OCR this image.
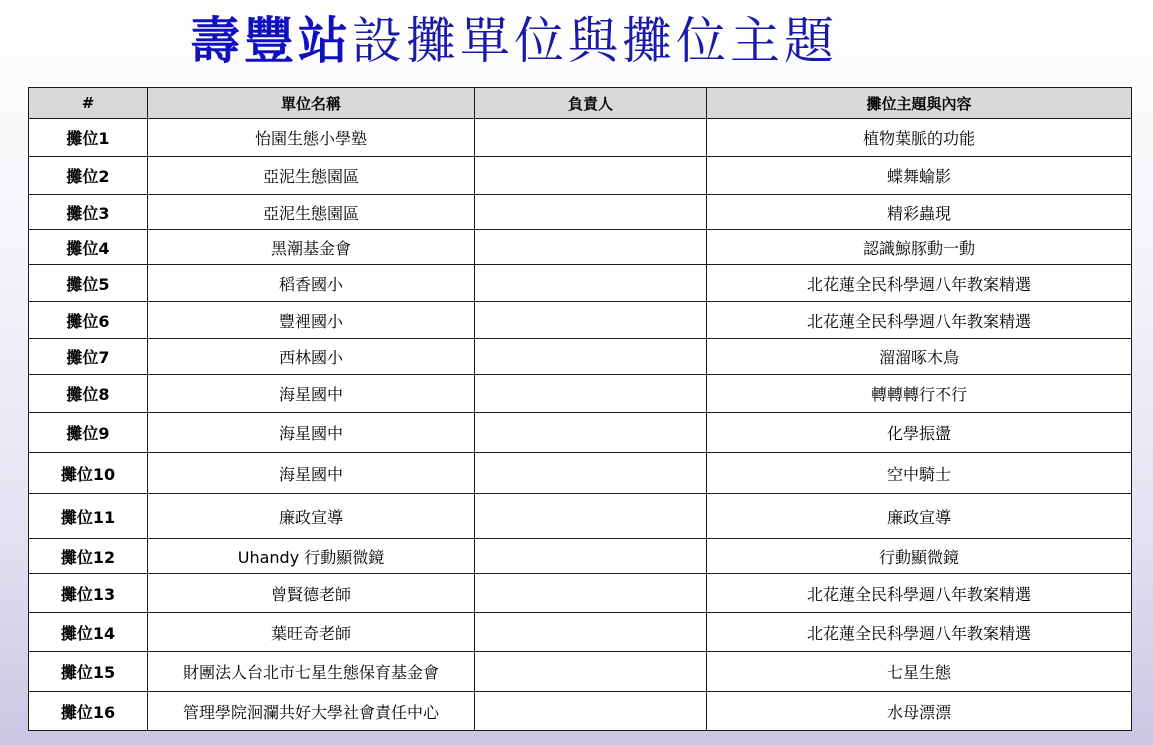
壽豐站設攤單位與攤位主題
#	單位名稱	負責人	攤位主題與內容
攤位1	怡園生態小學塾		植物葉脈的功能
攤位2	亞泥生態園區		蝶舞蝓影
攤位3	亞泥生態園區		精彩蟲現
攤位4	黑潮基金會		認識鯨豚動一動
攤位5	稻香國小		北花蓮全民科學週八年教案精選
攤位6	豐裡國小		北花蓮全民科學週八年教案精選
攤位7	西林國小		溜溜啄木鳥
攤位8	海星國中		轉轉轉行不行
攤位9	海星國中		化學振盪
攤位10	海星國中		空中騎士
攤位11	廉政宣導		廉政宣導
攤位12	Uhandy 行動顯微鏡		行動顯微鏡
攤位13	曾賢德老師		北花蓮全民科學週八年教案精選
攤位14	葉旺奇老師		北花蓮全民科學週八年教案精選
攤位15	財團法人台北市七星生態保育基金會		七星生態
攤位16	管理學院洄瀾共好大學社會責任中心		水母漂漂
